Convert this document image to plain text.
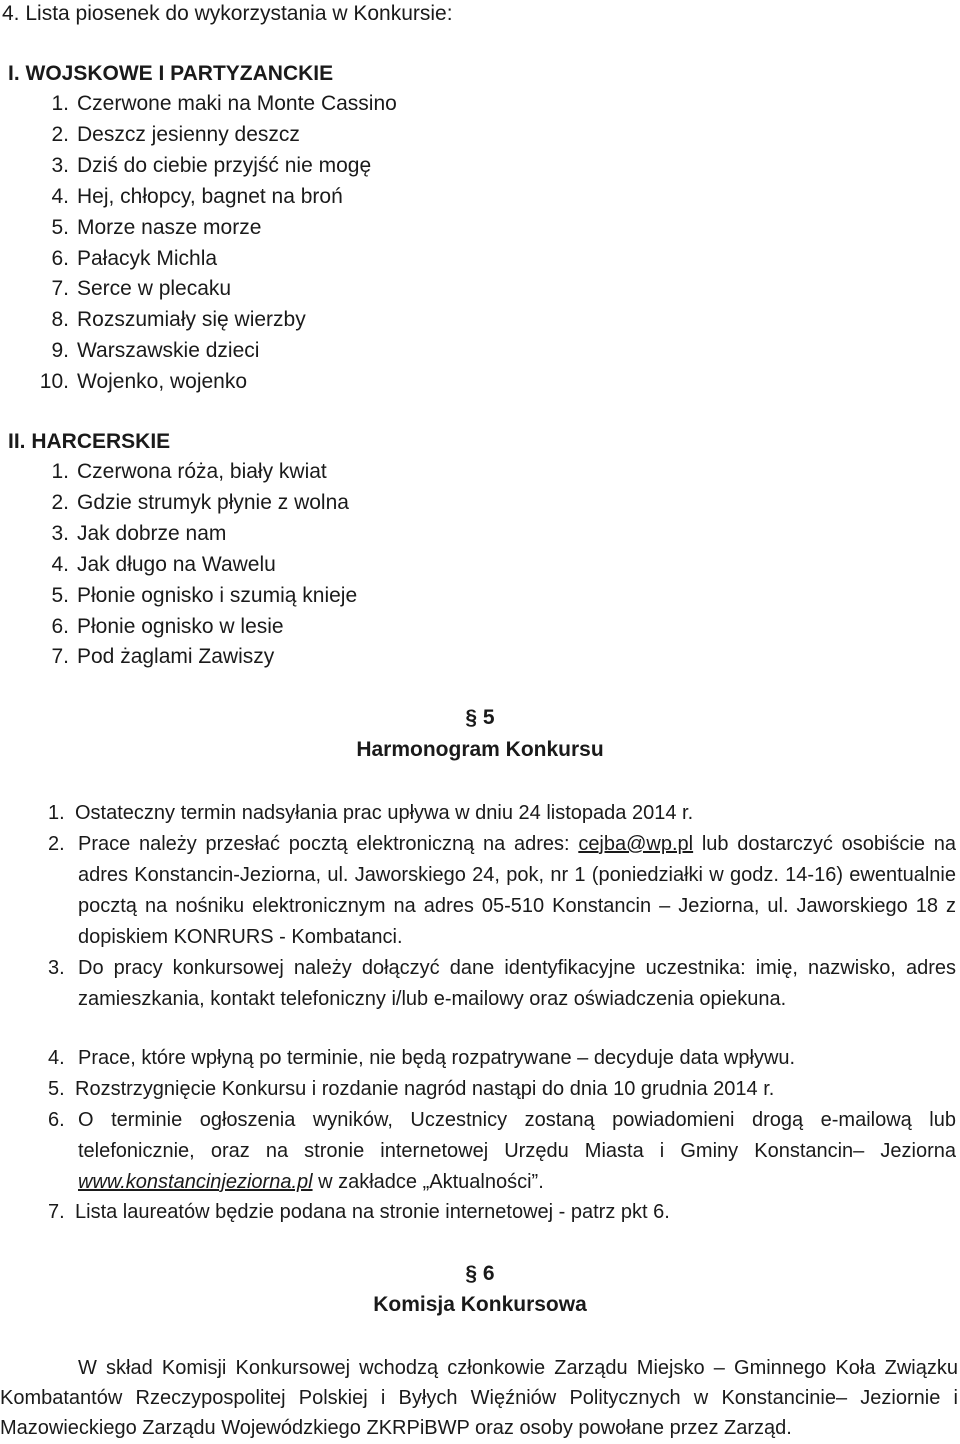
4. Lista piosenek do wykorzystania w Konkursie:
I. WOJSKOWE I PARTYZANCKIE
1. Czerwone maki na Monte Cassino
2. Deszcz jesienny deszcz
3. Dziś do ciebie przyjść nie mogę
4. Hej, chłopcy, bagnet na broń
5. Morze nasze morze
6. Pałacyk Michla
7. Serce w plecaku
8. Rozszumiały się wierzby
9. Warszawskie dzieci
10. Wojenko, wojenko
II. HARCERSKIE
1. Czerwona róża, biały kwiat
2. Gdzie strumyk płynie z wolna
3. Jak dobrze nam
4. Jak długo na Wawelu
5. Płonie ognisko i szumią knieje
6. Płonie ognisko w lesie
7. Pod żaglami Zawiszy
§ 5
Harmonogram Konkursu
1. Ostateczny termin nadsyłania prac upływa w dniu 24 listopada 2014 r.
2. Prace należy przesłać pocztą elektroniczną na adres: cejba@wp.pl lub dostarczyć osobiście na adres Konstancin-Jeziorna, ul. Jaworskiego 24, pok, nr 1 (poniedziałki w godz. 14-16) ewentualnie pocztą na nośniku elektronicznym na adres 05-510 Konstancin – Jeziorna, ul. Jaworskiego 18 z dopiskiem KONRURS - Kombatanci.
3. Do pracy konkursowej należy dołączyć dane identyfikacyjne uczestnika: imię, nazwisko, adres zamieszkania, kontakt telefoniczny i/lub e-mailowy oraz oświadczenia opiekuna.
4. Prace, które wpłyną po terminie, nie będą rozpatrywane – decyduje data wpływu.
5. Rozstrzygnięcie Konkursu i rozdanie nagród nastąpi do dnia 10 grudnia 2014 r.
6. O terminie ogłoszenia wyników, Uczestnicy zostaną powiadomieni drogą e-mailową lub telefonicznie, oraz na stronie internetowej Urzędu Miasta i Gminy Konstancin– Jeziorna www.konstancinjeziorna.pl w zakładce „Aktualności”.
7. Lista laureatów będzie podana na stronie internetowej - patrz pkt 6.
§ 6
Komisja Konkursowa
W skład Komisji Konkursowej wchodzą członkowie Zarządu Miejsko – Gminnego Koła Związku Kombatantów Rzeczypospolitej Polskiej i Byłych Więźniów Politycznych w Konstancinie– Jeziornie i Mazowieckiego Zarządu Wojewódzkiego ZKRPiBWP oraz osoby powołane przez Zarząd.
